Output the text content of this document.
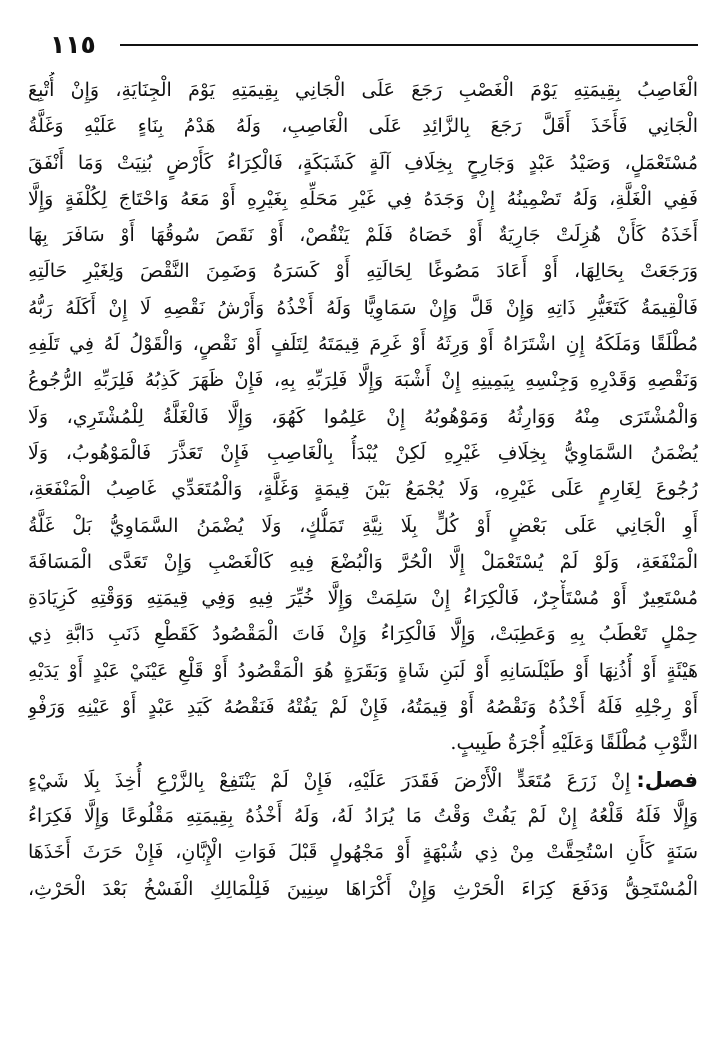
١١٥
الْغَاصِبُ بِقِيمَتِهِ يَوْمَ الْغَصْبِ رَجَعَ عَلَى الْجَانِي بِقِيمَتِهِ يَوْمَ الْجِنَايَةِ، وَإِنْ أُتْبِعَ
الْجَانِي فَأَخَذَ أَقَلَّ رَجَعَ بِالزَّائِدِ عَلَى الْغَاصِبِ، وَلَهُ هَدْمُ بِنَاءٍ عَلَيْهِ وَغَلَّةُ
مُسْتَعْمَلٍ، وَصَيْدُ عَبْدٍ وَجَارِحٍ بِخِلَافِ آلَةٍ كَشَبَكَةٍ، فَالْكِرَاءُ كَأَرْضٍ بُنِيَتْ وَمَا أَنْفَقَ
فَفِي الْغَلَّةِ، وَلَهُ تَضْمِينُهُ إِنْ وَجَدَهُ فِي غَيْرِ مَحَلِّهِ بِغَيْرِهِ أَوْ مَعَهُ وَاحْتَاجَ لِكُلْفَةٍ وَإِلَّا
أَخَذَهُ كَأَنْ هُزِلَتْ جَارِيَةٌ أَوْ خَصَاهُ فَلَمْ يَنْقُصْ، أَوْ نَقَصَ سُوقُهَا أَوْ سَافَرَ بِهَا
وَرَجَعَتْ بِحَالِهَا، أَوْ أَعَادَ مَصُوغًا لِحَالَتِهِ أَوْ كَسَرَهُ وَضَمِنَ النَّقْصَ وَلِغَيْرِ حَالَتِهِ
فَالْقِيمَةُ كَتَغَيُّرِ ذَاتِهِ وَإِنْ قَلَّ وَإِنْ سَمَاوِيًّا وَلَهُ أَخْذُهُ وَأَرْشُ نَقْصِهِ لَا إِنْ أَكَلَهُ رَبُّهُ
مُطْلَقًا وَمَلَكَهُ إِنِ اشْتَرَاهُ أَوْ وَرِثَهُ أَوْ غَرِمَ قِيمَتَهُ لِتَلَفٍ أَوْ نَقْصٍ، وَالْقَوْلُ لَهُ فِي تَلَفِهِ
وَنَقْصِهِ وَقَدْرِهِ وَجِنْسِهِ بِيَمِينِهِ إِنْ أَشْبَهَ وَإِلَّا فَلِرَبِّهِ بِهِ، فَإِنْ ظَهَرَ كَذِبُهُ فَلِرَبِّهِ الرُّجُوعُ
وَالْمُشْتَرَى مِنْهُ وَوَارِثُهُ وَمَوْهُوبُهُ إِنْ عَلِمُوا كَهُوَ، وَإِلَّا فَالْغَلَّةُ لِلْمُشْتَرِي، وَلَا
يُضْمَنُ السَّمَاوِيُّ بِخِلَافِ غَيْرِهِ لَكِنْ يُبْدَأُ بِالْغَاصِبِ فَإِنْ تَعَذَّرَ فَالْمَوْهُوبُ، وَلَا
رُجُوعَ لِغَارِمٍ عَلَى غَيْرِهِ، وَلَا يُجْمَعُ بَيْنَ قِيمَةٍ وَغَلَّةٍ، وَالْمُتَعَدِّي غَاصِبُ الْمَنْفَعَةِ،
أَوِ الْجَانِي عَلَى بَعْضٍ أَوْ كُلٍّ بِلَا نِيَّةِ تَمَلُّكٍ، وَلَا يُضْمَنُ السَّمَاوِيُّ بَلْ غَلَّةُ
الْمَنْفَعَةِ، وَلَوْ لَمْ يُسْتَعْمَلْ إِلَّا الْحُرَّ وَالْبُضْعَ فِيهِ كَالْغَصْبِ وَإِنْ تَعَدَّى الْمَسَافَةَ
مُسْتَعِيرٌ أَوْ مُسْتَأْجِرٌ، فَالْكِرَاءُ إِنْ سَلِمَتْ وَإِلَّا خُيِّرَ فِيهِ وَفِي قِيمَتِهِ وَوَقْتِهِ كَزِيَادَةِ
حِمْلٍ تَعْطَبُ بِهِ وَعَطِبَتْ، وَإِلَّا فَالْكِرَاءُ وَإِنْ فَاتَ الْمَقْصُودُ كَقَطْعِ ذَنَبِ دَابَّةِ ذِي
هَيْئَةٍ أَوْ أُذُنِهَا أَوْ طَيْلَسَانِهِ أَوْ لَبَنِ شَاةٍ وَبَقَرَةٍ هُوَ الْمَقْصُودُ أَوْ قَلْعِ عَيْنَيْ عَبْدٍ أَوْ يَدَيْهِ
أَوْ رِجْلِهِ فَلَهُ أَخْذُهُ وَنَقْصُهُ أَوْ قِيمَتُهُ، فَإِنْ لَمْ يَفُتْهُ فَنَقْصُهُ كَيَدِ عَبْدٍ أَوْ عَيْنِهِ وَرَفْوِ
الثَّوْبِ مُطْلَقًا وَعَلَيْهِ أُجْرَةُ طَبِيبٍ.
فصل:إِنْ زَرَعَ مُتَعَدٍّ الْأَرْضَ فَقَدَرَ عَلَيْهِ، فَإِنْ لَمْ يَنْتَفِعْ بِالزَّرْعِ أُخِذَ بِلَا شَيْءٍ
وَإِلَّا فَلَهُ قَلْعُهُ إِنْ لَمْ يَفُتْ وَقْتُ مَا يُرَادُ لَهُ، وَلَهُ أَخْذُهُ بِقِيمَتِهِ مَقْلُوعًا وَإِلَّا فَكِرَاءُ
سَنَةٍ كَأَنِ اسْتُحِقَّتْ مِنْ ذِي شُبْهَةٍ أَوْ مَجْهُولٍ قَبْلَ فَوَاتِ الْإِبَّانِ، فَإِنْ حَرَثَ أَخَذَهَا
الْمُسْتَحِقُّ وَدَفَعَ كِرَاءَ الْحَرْثِ وَإِنْ أَكْرَاهَا سِنِينَ فَلِلْمَالِكِ الْفَسْخُ بَعْدَ الْحَرْثِ،
